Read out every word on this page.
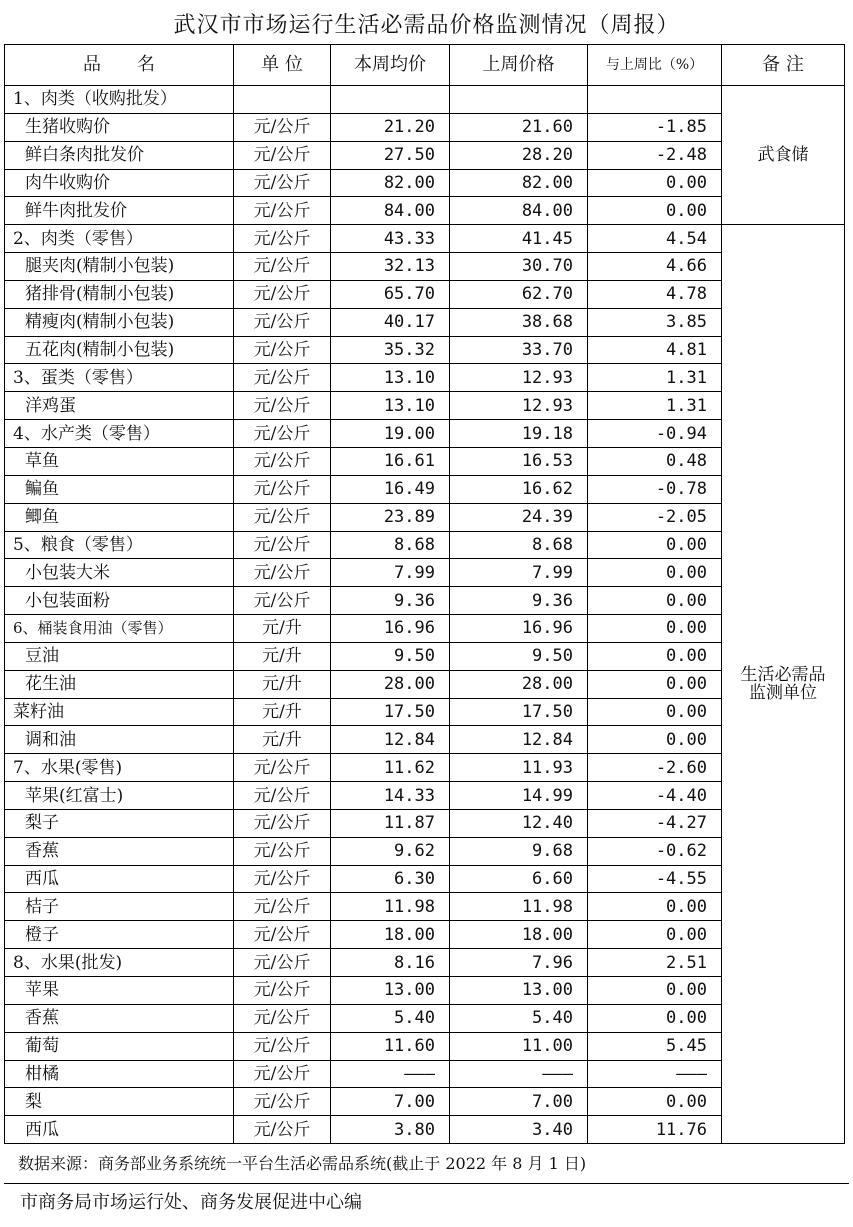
武汉市市场运行生活必需品价格监测情况（周报）
品　　名	单 位	本周均价	上周价格	与上周比（%）	备 注
1、肉类（收购批发）					武食储
生猪收购价	元/公斤	21.20	21.60	-1.85	
鲜白条肉批发价	元/公斤	27.50	28.20	-2.48	
肉牛收购价	元/公斤	82.00	82.00	0.00	
鲜牛肉批发价	元/公斤	84.00	84.00	0.00	
2、肉类（零售）	元/公斤	43.33	41.45	4.54	生活必需品
监测单位

腿夹肉(精制小包装)	元/公斤	32.13	30.70	4.66	
猪排骨(精制小包装)	元/公斤	65.70	62.70	4.78	
精瘦肉(精制小包装)	元/公斤	40.17	38.68	3.85	
五花肉(精制小包装)	元/公斤	35.32	33.70	4.81	
3、蛋类（零售）	元/公斤	13.10	12.93	1.31	
洋鸡蛋	元/公斤	13.10	12.93	1.31	
4、水产类（零售）	元/公斤	19.00	19.18	-0.94	
草鱼	元/公斤	16.61	16.53	0.48	
鳊鱼	元/公斤	16.49	16.62	-0.78	
鲫鱼	元/公斤	23.89	24.39	-2.05	
5、粮食（零售）	元/公斤	8.68	8.68	0.00	
小包装大米	元/公斤	7.99	7.99	0.00	
小包装面粉	元/公斤	9.36	9.36	0.00	
6、桶装食用油（零售）	元/升	16.96	16.96	0.00	
豆油	元/升	9.50	9.50	0.00	
花生油	元/升	28.00	28.00	0.00	
菜籽油	元/升	17.50	17.50	0.00	
调和油	元/升	12.84	12.84	0.00	
7、水果(零售)	元/公斤	11.62	11.93	-2.60	
苹果(红富士)	元/公斤	14.33	14.99	-4.40	
梨子	元/公斤	11.87	12.40	-4.27	
香蕉	元/公斤	9.62	9.68	-0.62	
西瓜	元/公斤	6.30	6.60	-4.55	
桔子	元/公斤	11.98	11.98	0.00	
橙子	元/公斤	18.00	18.00	0.00	
8、水果(批发)	元/公斤	8.16	7.96	2.51	
苹果	元/公斤	13.00	13.00	0.00	
香蕉	元/公斤	5.40	5.40	0.00	
葡萄	元/公斤	11.60	11.00	5.45	
柑橘	元/公斤	———	———	———	
梨	元/公斤	7.00	7.00	0.00	
西瓜	元/公斤	3.80	3.40	11.76	
数据来源：商务部业务系统统一平台生活必需品系统(截止于 2022 年 8 月 1 日)
市商务局市场运行处、商务发展促进中心编
